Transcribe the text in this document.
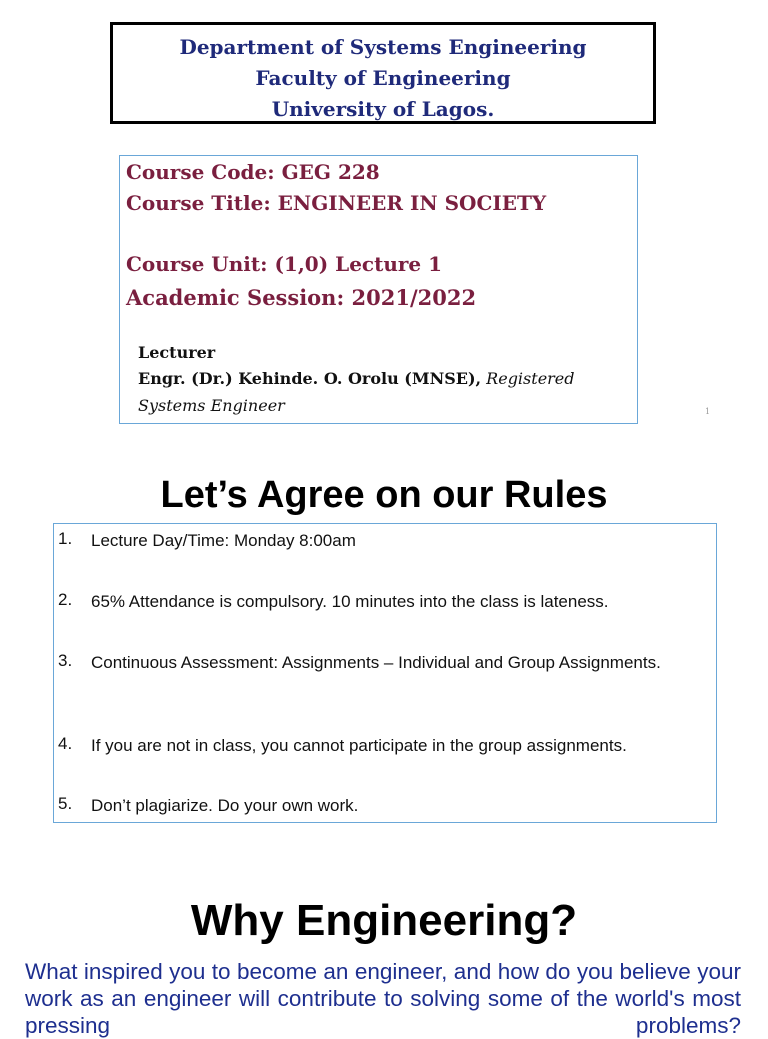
Department of Systems Engineering
Faculty of Engineering
University of Lagos.
Course Code: GEG 228
Course Title: ENGINEER IN SOCIETY
Course Unit: (1,0) Lecture 1
Academic Session: 2021/2022
Lecturer
Engr. (Dr.) Kehinde. O. Orolu (MNSE), Registered
Systems Engineer	1
Let’s Agree on our Rules
1.	Lecture Day/Time: Monday 8:00am
2.	65% Attendance is compulsory. 10 minutes into the class is lateness.
3.	Continuous Assessment: Assignments – Individual and Group Assignments.
4.	If you are not in class, you cannot participate in the group assignments.
5.	Don’t plagiarize. Do your own work.
Why Engineering?
What inspired you to become an engineer, and how do you believe your work as an engineer will contribute to solving some of the world's most pressing problems?
